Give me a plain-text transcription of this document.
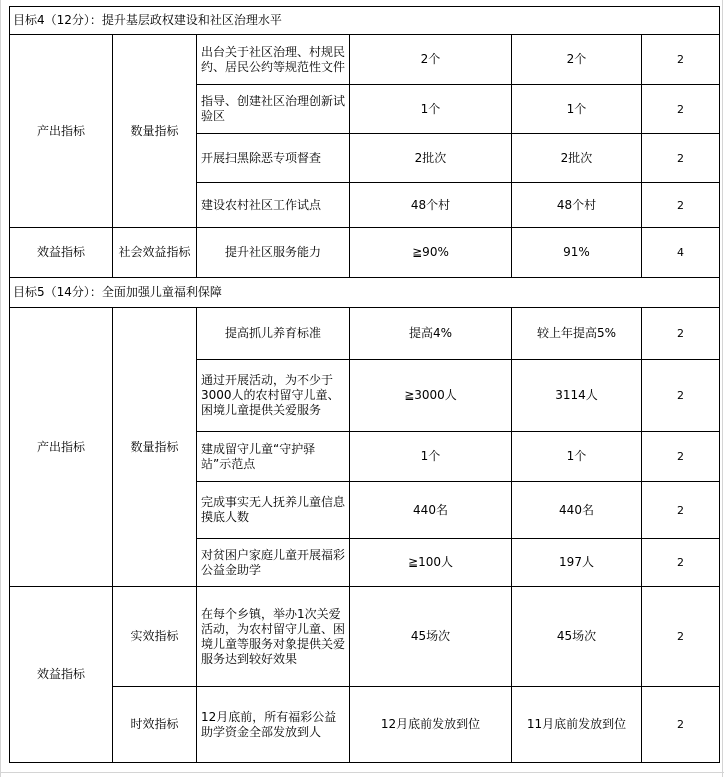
目标4（12分）：提升基层政权建设和社区治理水平					
产出指标	数量指标	出台关于社区治理、村规民约、居民公约等规范性文件	2个	2个	2
		指导、创建社区治理创新试验区	1个	1个	2
		开展扫黑除恶专项督查	2批次	2批次	2
		建设农村社区工作试点	48个村	48个村	2
效益指标	社会效益指标	提升社区服务能力	≧90%	91%	4
目标5（14分）：全面加强儿童福利保障					
产出指标	数量指标	提高抓儿养育标准	提高4%	较上年提高5%	2
		通过开展活动，为不少于3000人的农村留守儿童、困境儿童提供关爱服务	≧3000人	3114人	2
		建成留守儿童“守护驿站”示范点	1个	1个	2
		完成事实无人抚养儿童信息摸底人数	440名	440名	2
		对贫困户家庭儿童开展福彩公益金助学	≧100人	197人	2
效益指标	实效指标	在每个乡镇，举办1次关爱活动，为农村留守儿童、困境儿童等服务对象提供关爱服务达到较好效果	45场次	45场次	2
	时效指标	12月底前，所有福彩公益助学资金全部发放到人	12月底前发放到位	11月底前发放到位	2
